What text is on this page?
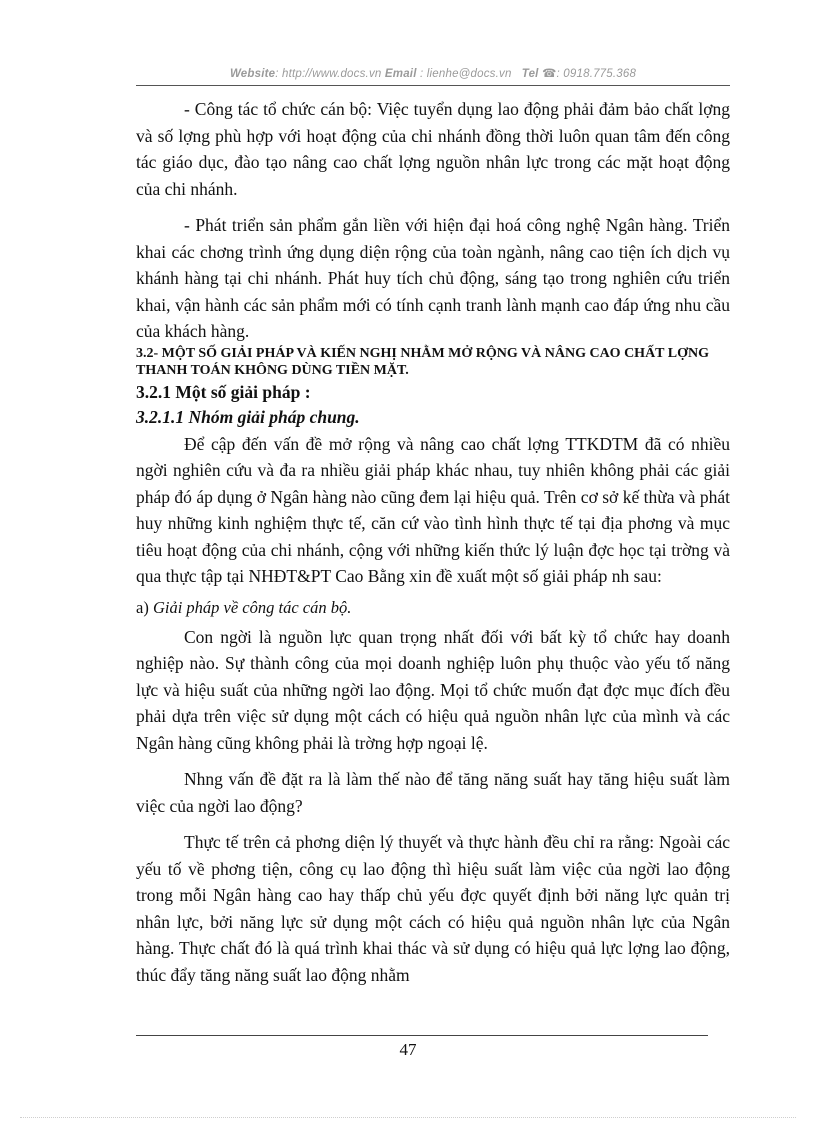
Website: http://www.docs.vn Email : lienhe@docs.vn Tel ☎: 0918.775.368

- Công tác tổ chức cán bộ: Việc tuyển dụng lao động phải đảm bảo chất lợng và số lợng phù hợp với hoạt động của chi nhánh đồng thời luôn quan tâm đến công tác giáo dục, đào tạo nâng cao chất lợng nguồn nhân lực trong các mặt hoạt động của chi nhánh.

- Phát triển sản phẩm gắn liền với hiện đại hoá công nghệ Ngân hàng. Triển khai các chơng trình ứng dụng diện rộng của toàn ngành, nâng cao tiện ích dịch vụ khánh hàng tại chi nhánh. Phát huy tích chủ động, sáng tạo trong nghiên cứu triển khai, vận hành các sản phẩm mới có tính cạnh tranh lành mạnh cao đáp ứng nhu cầu của khách hàng.

3.2- MỘT SỐ GIẢI PHÁP VÀ KIẾN NGHỊ NHẰM MỞ RỘNG VÀ NÂNG CAO CHẤT LỢNG THANH TOÁN KHÔNG DÙNG TIỀN MẶT.
3.2.1 Một số giải pháp :
3.2.1.1 Nhóm giải pháp chung.

Để cập đến vấn đề mở rộng và nâng cao chất lợng TTKDTM đã có nhiều ngời nghiên cứu và đa ra nhiều giải pháp khác nhau, tuy nhiên không phải các giải pháp đó áp dụng ở Ngân hàng nào cũng đem lại hiệu quả. Trên cơ sở kế thừa và phát huy những kinh nghiệm thực tế, căn cứ vào tình hình thực tế tại địa phơng và mục tiêu hoạt động của chi nhánh, cộng với những kiến thức lý luận đợc học tại trờng và qua thực tập tại NHĐT&PT Cao Bằng xin đề xuất một số giải pháp nh sau:

a) Giải pháp về công tác cán bộ.

Con ngời là nguồn lực quan trọng nhất đối với bất kỳ tổ chức hay doanh nghiệp nào. Sự thành công của mọi doanh nghiệp luôn phụ thuộc vào yếu tố năng lực và hiệu suất của những ngời lao động. Mọi tổ chức muốn đạt đợc mục đích đều phải dựa trên việc sử dụng một cách có hiệu quả nguồn nhân lực của mình và các Ngân hàng cũng không phải là trờng hợp ngoại lệ.

Nhng vấn đề đặt ra là làm thế nào để tăng năng suất hay tăng hiệu suất làm việc của ngời lao động?

Thực tế trên cả phơng diện lý thuyết và thực hành đều chỉ ra rằng: Ngoài các yếu tố về phơng tiện, công cụ lao động thì hiệu suất làm việc của ngời lao động trong mỗi Ngân hàng cao hay thấp chủ yếu đợc quyết định bởi năng lực quản trị nhân lực, bởi năng lực sử dụng một cách có hiệu quả nguồn nhân lực của Ngân hàng. Thực chất đó là quá trình khai thác và sử dụng có hiệu quả lực lợng lao động, thúc đẩy tăng năng suất lao động nhằm

47
